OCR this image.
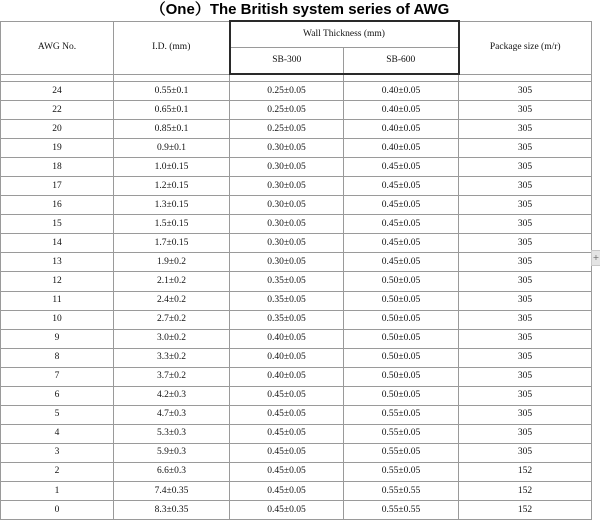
（One）The British system series of AWG
AWG No.	I.D. (mm)	Wall Thickness (mm)		Package size (m/r)
		SB-300	SB-600	

24	0.55±0.1	0.25±0.05	0.40±0.05	305
22	0.65±0.1	0.25±0.05	0.40±0.05	305
20	0.85±0.1	0.25±0.05	0.40±0.05	305
19	0.9±0.1	0.30±0.05	0.40±0.05	305
18	1.0±0.15	0.30±0.05	0.45±0.05	305
17	1.2±0.15	0.30±0.05	0.45±0.05	305
16	1.3±0.15	0.30±0.05	0.45±0.05	305
15	1.5±0.15	0.30±0.05	0.45±0.05	305
14	1.7±0.15	0.30±0.05	0.45±0.05	305
13	1.9±0.2	0.30±0.05	0.45±0.05	305
12	2.1±0.2	0.35±0.05	0.50±0.05	305
11	2.4±0.2	0.35±0.05	0.50±0.05	305
10	2.7±0.2	0.35±0.05	0.50±0.05	305
9	3.0±0.2	0.40±0.05	0.50±0.05	305
8	3.3±0.2	0.40±0.05	0.50±0.05	305
7	3.7±0.2	0.40±0.05	0.50±0.05	305
6	4.2±0.3	0.45±0.05	0.50±0.05	305
5	4.7±0.3	0.45±0.05	0.55±0.05	305
4	5.3±0.3	0.45±0.05	0.55±0.05	305
3	5.9±0.3	0.45±0.05	0.55±0.05	305
2	6.6±0.3	0.45±0.05	0.55±0.05	152
1	7.4±0.35	0.45±0.05	0.55±0.55	152
0	8.3±0.35	0.45±0.05	0.55±0.55	152
+
